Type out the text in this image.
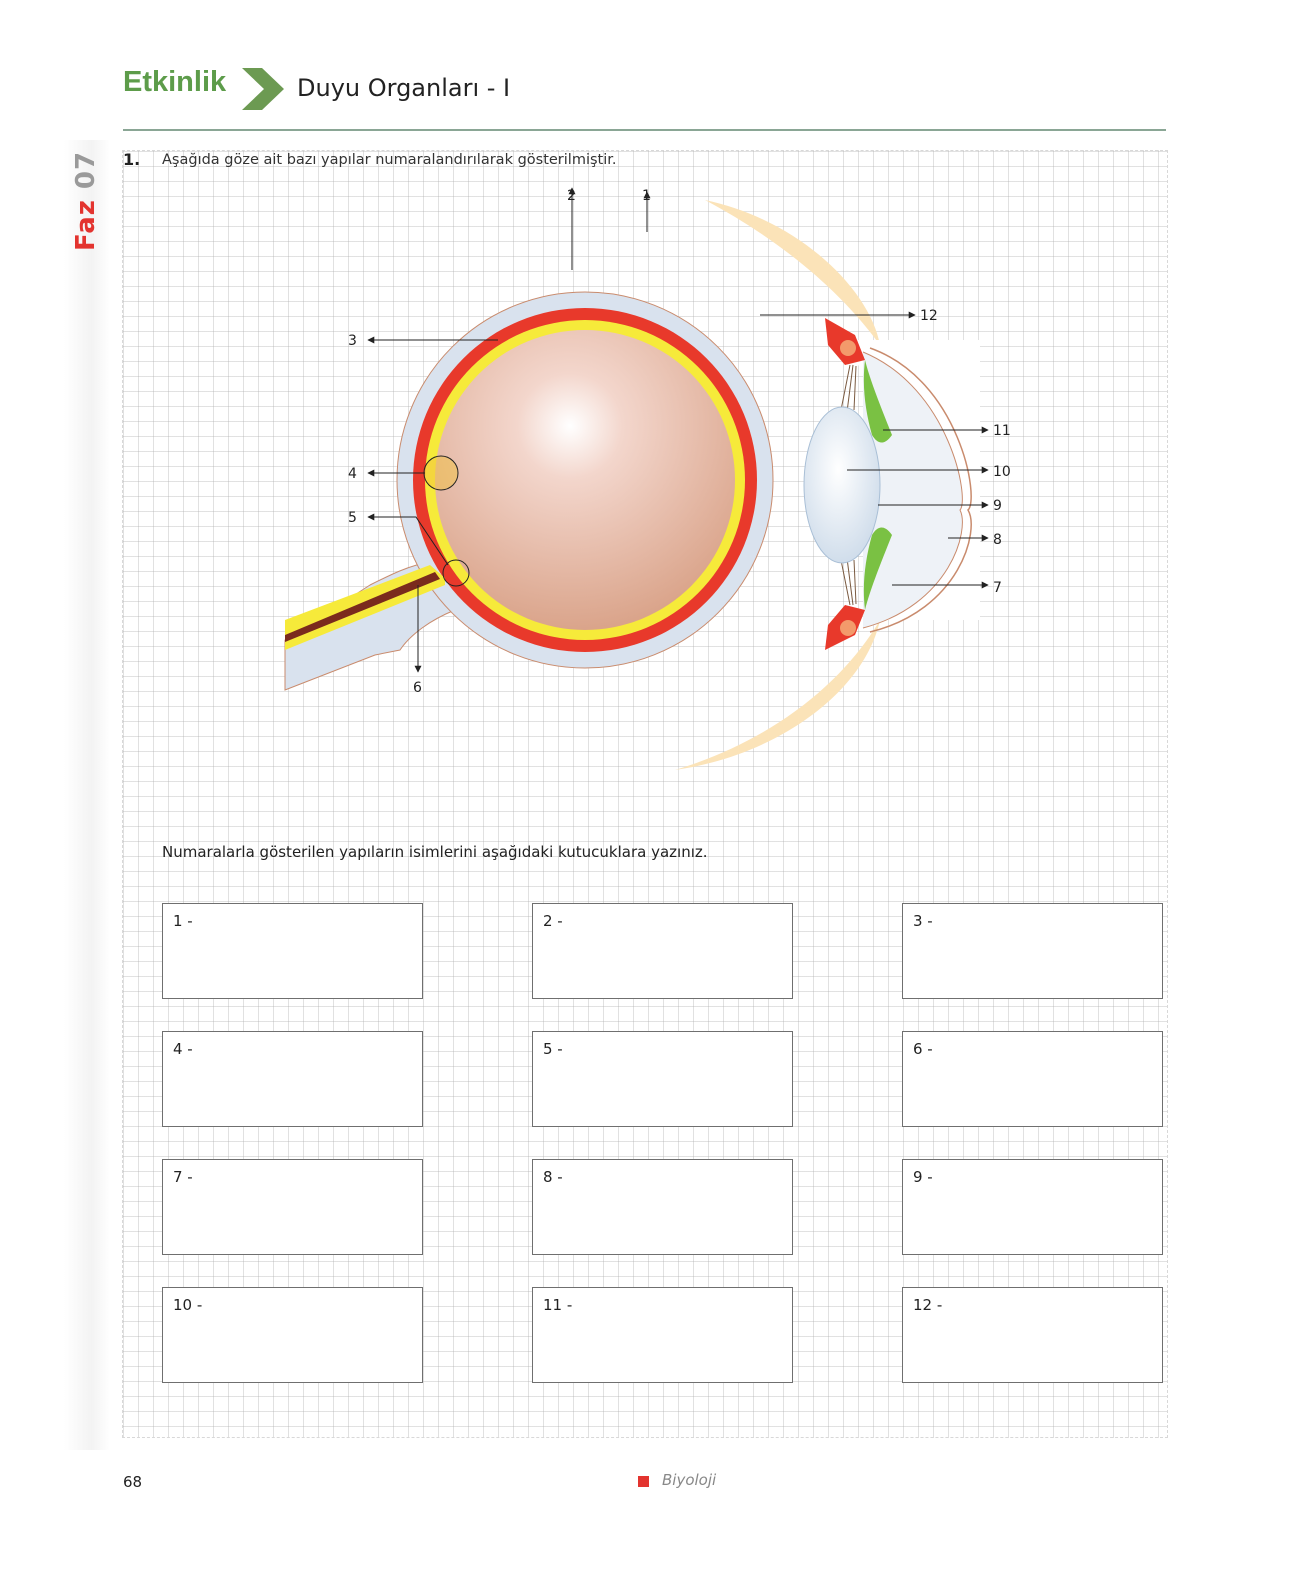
Faz
07
Etkinlik	Duyu Organları - I
1. Aşağıda göze ait bazı yapılar numaralandırılarak gösterilmiştir.
1
2
3
4
5
6
7
8
9
10
11
12
Numaralarla gösterilen yapıların isimlerini aşağıdaki kutucuklara yazınız.
1 -	2 -	3 -
4 -	5 -	6 -
7 -	8 -	9 -
10 -	11 -	12 -
68	Biyoloji
